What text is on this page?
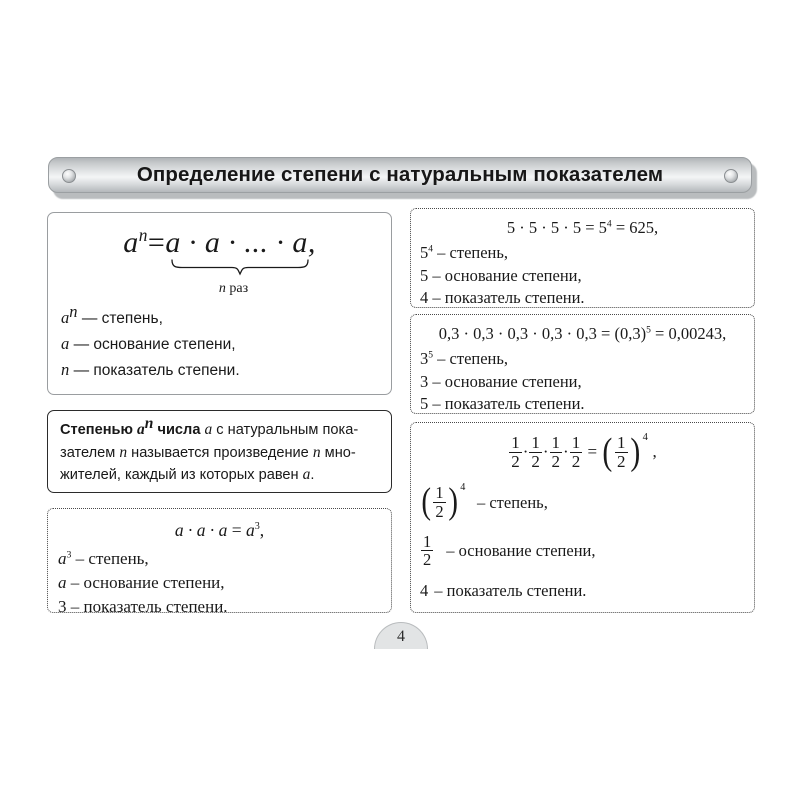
Определение степени с натуральным показателем
$a^n=a \cdot a$ · ... · a,
n раз
$a^n$ — степень,
a — основание степени,
n — показатель степени.
Степенью $a^n$ числа a с натуральным пока-зателем n называется произведение n мно-жителей, каждый из которых равен a.
$a \cdot a \cdot a = a^3$,
$a^3$ – степень,
a – основание степени,
3 – показатель степени.
$5 \cdot 5 \cdot 5 \cdot 5 = 5^4 = 625$,
$5^4$ – степень,
5 – основание степени,
4 – показатель степени.
$0,3 \cdot 0,3 \cdot 0,3 \cdot 0,3 \cdot 0,3 = (0,3)^5 = 0,00243$,
$3^5$ – степень,
3 – основание степени,
5 – показатель степени.
$\frac{1}{2} \cdot \frac{1}{2} \cdot \frac{1}{2} \cdot \frac{1}{2}$ = ( $\frac{1}{2}$ ) 4
,
( $\frac{1}{2}$ ) 4
– степень,
$\frac{1}{2}$ – основание степени,
4 – показатель степени.
4
